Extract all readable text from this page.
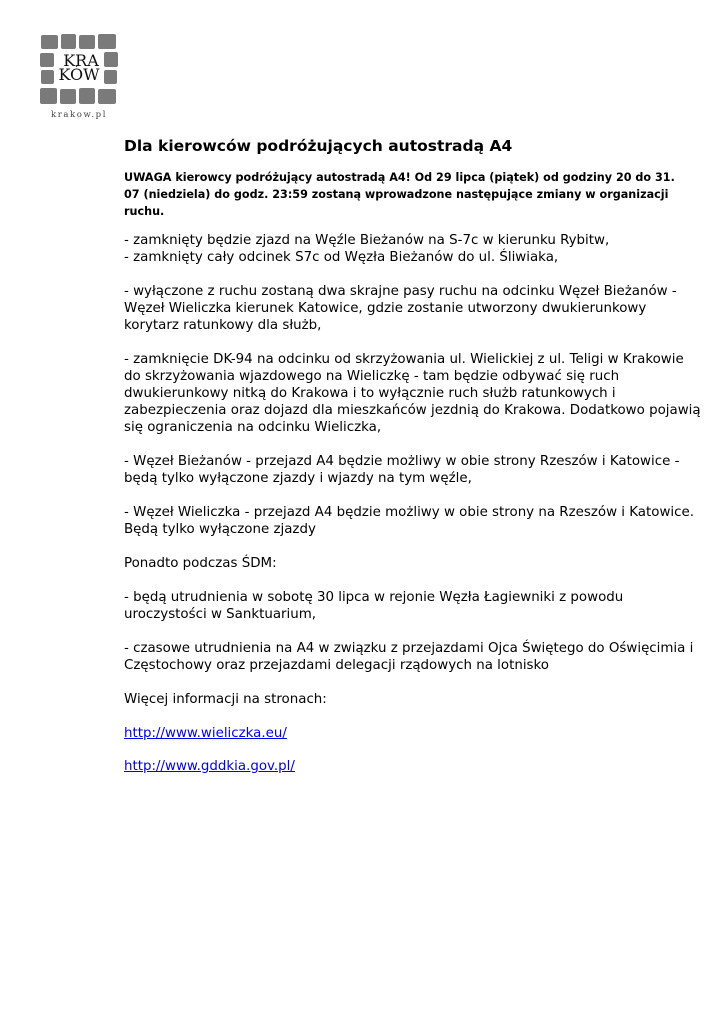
KRA
KÓW
krakow.pl
Dla kierowców podróżujących autostradą A4

UWAGA kierowcy podróżujący autostradą A4! Od 29 lipca (piątek) od godziny 20 do 31. 07 (niedziela) do godz. 23:59 zostaną wprowadzone następujące zmiany w organizacji ruchu.

- zamknięty będzie zjazd na Węźle Bieżanów na S-7c w kierunku Rybitw,
- zamknięty cały odcinek S7c od Węzła Bieżanów do ul. Śliwiaka,

- wyłączone z ruchu zostaną dwa skrajne pasy ruchu na odcinku Węzeł Bieżanów -
Węzeł Wieliczka kierunek Katowice, gdzie zostanie utworzony dwukierunkowy
korytarz ratunkowy dla służb,

- zamknięcie DK-94 na odcinku od skrzyżowania ul. Wielickiej z ul. Teligi w Krakowie
do skrzyżowania wjazdowego na Wieliczkę - tam będzie odbywać się ruch
dwukierunkowy nitką do Krakowa i to wyłącznie ruch służb ratunkowych i
zabezpieczenia oraz dojazd dla mieszkańców jezdnią do Krakowa. Dodatkowo pojawią
się ograniczenia na odcinku Wieliczka,

- Węzeł Bieżanów - przejazd A4 będzie możliwy w obie strony Rzeszów i Katowice -
będą tylko wyłączone zjazdy i wjazdy na tym węźle,

- Węzeł Wieliczka - przejazd A4 będzie możliwy w obie strony na Rzeszów i Katowice.
Będą tylko wyłączone zjazdy

Ponadto podczas ŚDM:

- będą utrudnienia w sobotę 30 lipca w rejonie Węzła Łagiewniki z powodu
uroczystości w Sanktuarium,

- czasowe utrudnienia na A4 w związku z przejazdami Ojca Świętego do Oświęcimia i
Częstochowy oraz przejazdami delegacji rządowych na lotnisko

Więcej informacji na stronach:

http://www.wieliczka.eu/

http://www.gddkia.gov.pl/
